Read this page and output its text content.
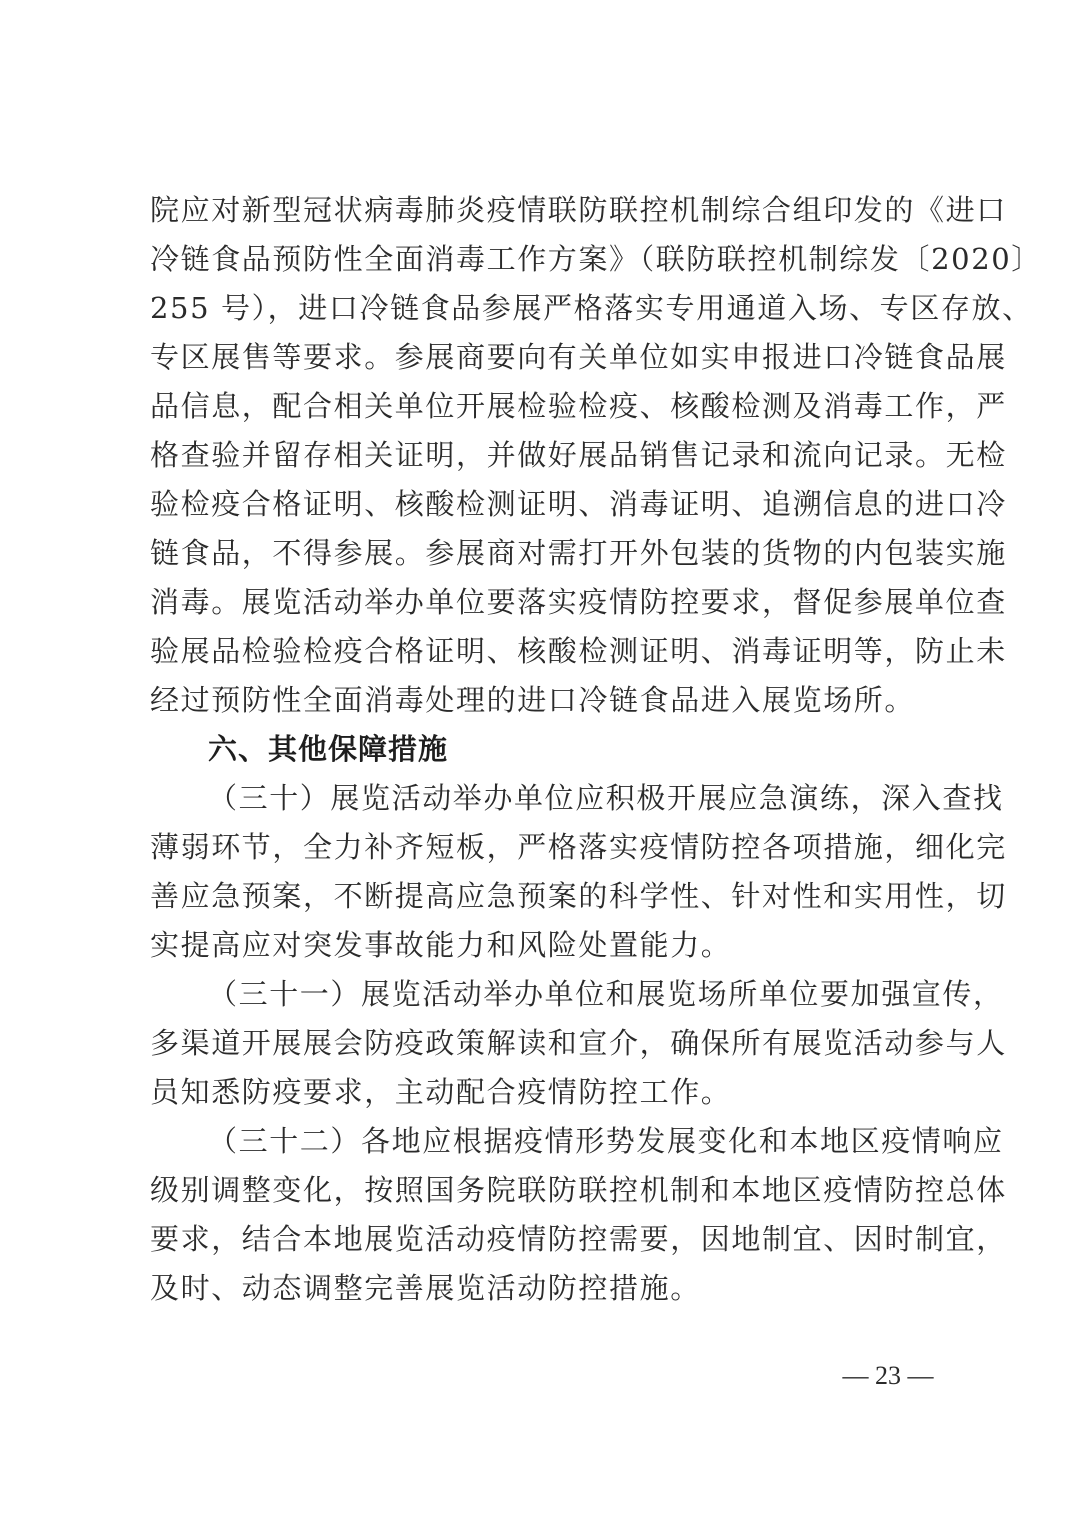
院应对新型冠状病毒肺炎疫情联防联控机制综合组印发的《进口
冷链食品预防性全面消毒工作方案》（联防联控机制综发〔2020〕
255 号），进口冷链食品参展严格落实专用通道入场、专区存放、
专区展售等要求。参展商要向有关单位如实申报进口冷链食品展
品信息，配合相关单位开展检验检疫、核酸检测及消毒工作，严
格查验并留存相关证明，并做好展品销售记录和流向记录。无检
验检疫合格证明、核酸检测证明、消毒证明、追溯信息的进口冷
链食品，不得参展。参展商对需打开外包装的货物的内包装实施
消毒。展览活动举办单位要落实疫情防控要求，督促参展单位查
验展品检验检疫合格证明、核酸检测证明、消毒证明等，防止未
经过预防性全面消毒处理的进口冷链食品进入展览场所。
六、其他保障措施
（三十）展览活动举办单位应积极开展应急演练，深入查找
薄弱环节，全力补齐短板，严格落实疫情防控各项措施，细化完
善应急预案，不断提高应急预案的科学性、针对性和实用性，切
实提高应对突发事故能力和风险处置能力。
（三十一）展览活动举办单位和展览场所单位要加强宣传，
多渠道开展展会防疫政策解读和宣介，确保所有展览活动参与人
员知悉防疫要求，主动配合疫情防控工作。
（三十二）各地应根据疫情形势发展变化和本地区疫情响应
级别调整变化，按照国务院联防联控机制和本地区疫情防控总体
要求，结合本地展览活动疫情防控需要，因地制宜、因时制宜，
及时、动态调整完善展览活动防控措施。
— 23 —
